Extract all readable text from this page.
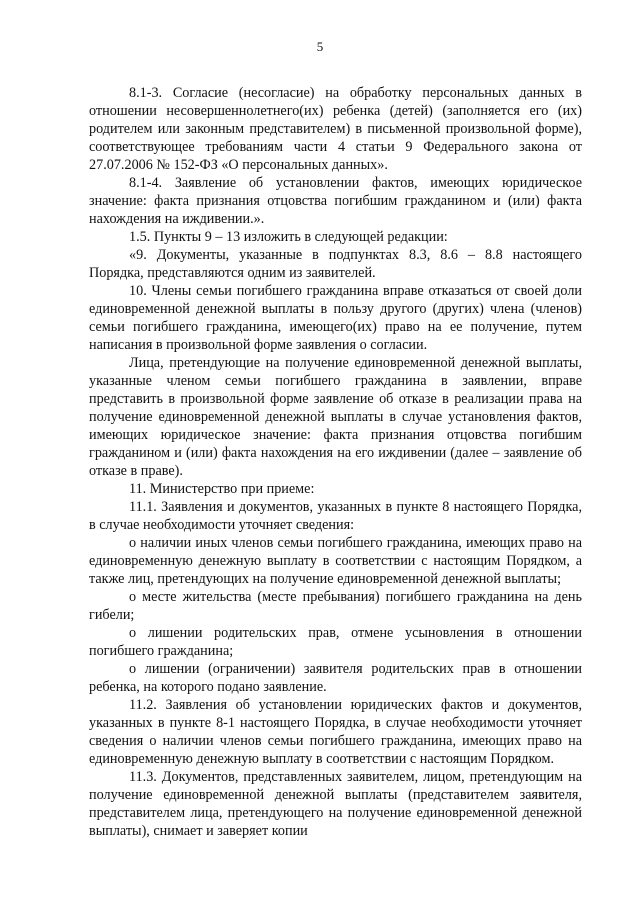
5

8.1-3. Согласие (несогласие) на обработку персональных данных в отношении несовершеннолетнего(их) ребенка (детей) (заполняется его (их) родителем или законным представителем) в письменной произвольной форме), соответствующее требованиям части 4 статьи 9 Федерального закона от 27.07.2006 № 152-ФЗ «О персональных данных».

8.1-4. Заявление об установлении фактов, имеющих юридическое значение: факта признания отцовства погибшим гражданином и (или) факта нахождения на иждивении.».

1.5. Пункты 9 – 13 изложить в следующей редакции:

«9. Документы, указанные в подпунктах 8.3, 8.6 – 8.8 настоящего Порядка, представляются одним из заявителей.

10. Члены семьи погибшего гражданина вправе отказаться от своей доли единовременной денежной выплаты в пользу другого (других) члена (членов) семьи погибшего гражданина, имеющего(их) право на ее получение, путем написания в произвольной форме заявления о согласии.

Лица, претендующие на получение единовременной денежной выплаты, указанные членом семьи погибшего гражданина в заявлении, вправе представить в произвольной форме заявление об отказе в реализации права на получение единовременной денежной выплаты в случае установления фактов, имеющих юридическое значение: факта признания отцовства погибшим гражданином и (или) факта нахождения на его иждивении (далее – заявление об отказе в праве).

11. Министерство при приеме:

11.1. Заявления и документов, указанных в пункте 8 настоящего Порядка, в случае необходимости уточняет сведения:

о наличии иных членов семьи погибшего гражданина, имеющих право на единовременную денежную выплату в соответствии с настоящим Порядком, а также лиц, претендующих на получение единовременной денежной выплаты;

о месте жительства (месте пребывания) погибшего гражданина на день гибели;

о лишении родительских прав, отмене усыновления в отношении погибшего гражданина;

о лишении (ограничении) заявителя родительских прав в отношении ребенка, на которого подано заявление.

11.2. Заявления об установлении юридических фактов и документов, указанных в пункте 8-1 настоящего Порядка, в случае необходимости уточняет сведения о наличии членов семьи погибшего гражданина, имеющих право на единовременную денежную выплату в соответствии с настоящим Порядком.

11.3. Документов, представленных заявителем, лицом, претендующим на получение единовременной денежной выплаты (представителем заявителя, представителем лица, претендующего на получение единовременной денежной выплаты), снимает и заверяет копии
